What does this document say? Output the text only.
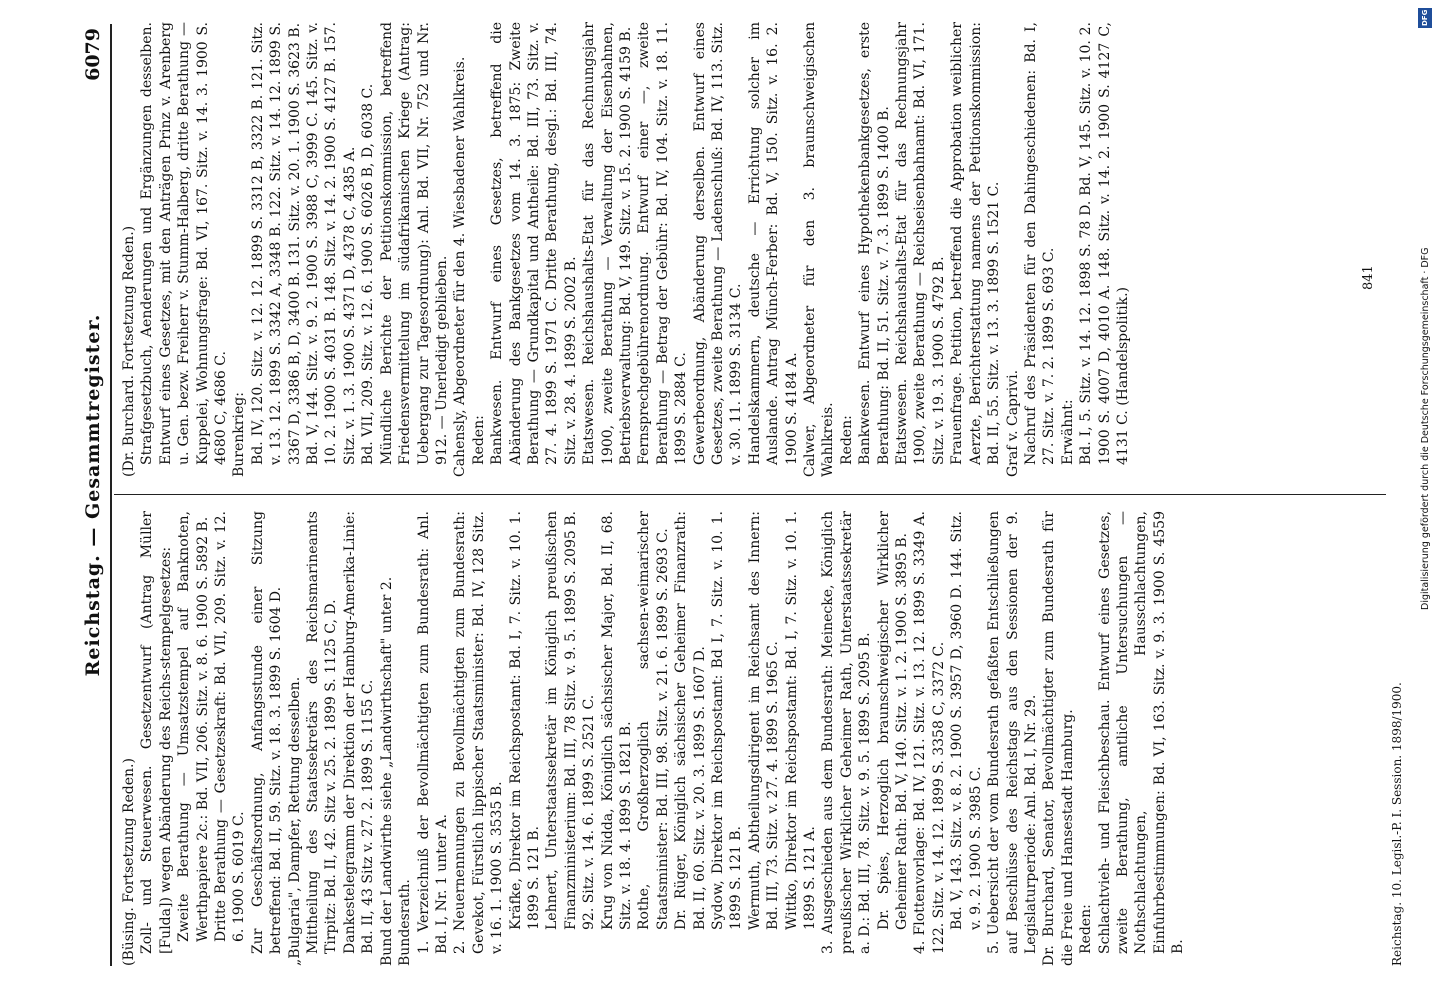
Reichstag. — Gesammtregister.
6079

(Büsing. Fortsetzung Reden.) Zoll- und Steuerwesen. Gesetzentwurf (Antrag Müller [Fulda]) wegen Abänderung des Reichs-stempelgesetzes: Zweite Berathung — Umsatzstempel auf Banknoten, Werthpapiere 2c.: Bd. VII, 206. Sitz. v. 8. 6. 1900 S. 5892 B. Dritte Berathung — Gesetzeskraft: Bd. VII, 209. Sitz. v. 12. 6. 1900 S. 6019 C. Zur Geschäftsordnung, Anfangsstunde einer Sitzung betreffend: Bd. II, 59. Sitz. v. 18. 3. 1899 S. 1604 D. „Bulgaria", Dampfer, Rettung desselben. Mittheilung des Staatssekretärs des Reichsmarineamts Tirpitz: Bd. II, 42. Sitz v. 25. 2. 1899 S. 1125 C, D. Dankestelegramm der Direktion der Hamburg-Amerika-Linie: Bd. II, 43 Sitz v. 27. 2. 1899 S. 1155 C. Bund der Landwirthe siehe „Landwirthschaft" unter 2. Bundesrath. 1. Verzeichniß der Bevollmächtigten zum Bundesrath: Anl. Bd. I, Nr. 1 unter A. 2. Neuernennungen zu Bevollmächtigten zum Bundesrath: Gevekot, Fürstlich lippischer Staatsminister: Bd. IV, 128 Sitz. v. 16. 1. 1900 S. 3535 B. Kräfke, Direktor im Reichspostamt: Bd. I, 7. Sitz. v. 10. 1. 1899 S. 121 B. Lehnert, Unterstaatssekretär im Königlich preußischen Finanzministerium: Bd. III, 78 Sitz. v. 9. 5. 1899 S. 2095 B. 92. Sitz. v. 14. 6. 1899 S. 2521 C. Krug von Nidda, Königlich sächsischer Major, Bd. II, 68. Sitz. v. 18. 4. 1899 S. 1821 B. Rothe, Großherzoglich sachsen-weimarischer Staatsminister: Bd. III, 98. Sitz. v. 21. 6. 1899 S. 2693 C. Dr. Rüger, Königlich sächsischer Geheimer Finanzrath: Bd. II, 60. Sitz. v. 20. 3. 1899 S. 1607 D. Sydow, Direktor im Reichspostamt: Bd I, 7. Sitz. v. 10. 1. 1899 S. 121 B. Wermuth, Abtheilungsdirigent im Reichsamt des Innern: Bd. III, 73. Sitz. v. 27. 4. 1899 S. 1965 C. Wittko, Direktor im Reichspostamt: Bd. I, 7. Sitz. v. 10. 1. 1899 S. 121 A. 3. Ausgeschieden aus dem Bundesrath: Meinecke, Königlich preußischer Wirklicher Geheimer Rath, Unterstaatssekretär a. D.: Bd. III, 78. Sitz. v. 9. 5. 1899 S. 2095 B. Dr. Spies, Herzoglich braunschweigischer Wirklicher Geheimer Rath: Bd. V, 140. Sitz. v. 1. 2. 1900 S. 3895 B. 4. Flottenvorlage: Bd. IV, 121. Sitz. v. 13. 12. 1899 S. 3349 A. 122. Sitz. v. 14. 12. 1899 S. 3358 C, 3372 C. Bd. V, 143. Sitz. v. 8. 2. 1900 S. 3957 D, 3960 D. 144. Sitz. v. 9. 2. 1900 S. 3985 C. 5. Uebersicht der vom Bundesrath gefaßten Entschließungen auf Beschlüsse des Reichstags aus den Sessionen der 9. Legislaturperiode: Anl. Bd. I, Nr. 29. Dr. Burchard, Senator, Bevollmächtigter zum Bundesrath für die Freie und Hansestadt Hamburg. Reden: Schlachtvieh- und Fleischbeschau. Entwurf eines Gesetzes, zweite Berathung, amtliche Untersuchungen — Nothschlachtungen, Hausschlachtungen, Einfuhrbestimmungen: Bd. VI, 163. Sitz. v. 9. 3. 1900 S. 4559 B.

(Dr. Burchard. Fortsetzung Reden.) Strafgesetzbuch, Aenderungen und Ergänzungen desselben. Entwurf eines Gesetzes, mit den Anträgen Prinz v. Arenberg u. Gen. bezw. Freiherr v. Stumm-Halberg, dritte Berathung — Kuppelei, Wohnungsfrage: Bd. VI, 167. Sitz. v. 14. 3. 1900 S. 4680 C, 4686 C. Burenkrieg: Bd. IV, 120. Sitz. v. 12. 12. 1899 S. 3312 B, 3322 B. 121. Sitz. v. 13. 12. 1899 S. 3342 A, 3348 B. 122. Sitz. v. 14. 12. 1899 S. 3367 D, 3386 B, D, 3400 B. 131. Sitz. v. 20. 1. 1900 S. 3623 B. Bd. V, 144. Sitz. v. 9. 2. 1900 S. 3988 C, 3999 C. 145. Sitz. v. 10. 2. 1900 S. 4031 B. 148. Sitz. v. 14. 2. 1900 S. 4127 B. 157. Sitz. v. 1. 3. 1900 S. 4371 D, 4378 C, 4385 A. Bd. VII, 209. Sitz. v. 12. 6. 1900 S. 6026 B, D, 6038 C. Mündliche Berichte der Petitionskommission, betreffend Friedensvermittelung im südafrikanischen Kriege (Antrag: Uebergang zur Tagesordnung): Anl. Bd. VII, Nr. 752 und Nr. 912. — Unerledigt geblieben. Cahensly, Abgeordneter für den 4. Wiesbadener Wahlkreis. Reden: Bankwesen. Entwurf eines Gesetzes, betreffend die Abänderung des Bankgesetzes vom 14. 3. 1875: Zweite Berathung — Grundkapital und Antheile: Bd. III, 73. Sitz. v. 27. 4. 1899 S. 1971 C. Dritte Berathung, desgl.: Bd. III, 74. Sitz. v. 28. 4. 1899 S. 2002 B. Etatswesen. Reichshaushalts-Etat für das Rechnungsjahr 1900, zweite Berathung — Verwaltung der Eisenbahnen, Betriebsverwaltung: Bd. V, 149. Sitz. v. 15. 2. 1900 S. 4159 B. Fernsprechgebührenordnung. Entwurf einer —, zweite Berathung — Betrag der Gebühr: Bd. IV, 104. Sitz. v. 18. 11. 1899 S. 2884 C. Gewerbeordnung, Abänderung derselben. Entwurf eines Gesetzes, zweite Berathung — Ladenschluß: Bd. IV, 113. Sitz. v. 30. 11. 1899 S. 3134 C. Handelskammern, deutsche — Errichtung solcher im Auslande. Antrag Münch-Ferber: Bd. V, 150. Sitz. v. 16. 2. 1900 S. 4184 A. Calwer, Abgeordneter für den 3. braunschweigischen Wahlkreis. Reden: Bankwesen. Entwurf eines Hypothekenbankgesetzes, erste Berathung: Bd. II, 51. Sitz. v. 7. 3. 1899 S. 1400 B. Etatswesen. Reichshaushalts-Etat für das Rechnungsjahr 1900, zweite Berathung — Reichseisenbahnamt: Bd. VI, 171. Sitz. v. 19. 3. 1900 S. 4792 B. Frauenfrage. Petition, betreffend die Approbation weiblicher Aerzte, Berichterstattung namens der Petitionskommission: Bd. II, 55. Sitz. v. 13. 3. 1899 S. 1521 C. Graf v. Caprivi. Nachruf des Präsidenten für den Dahingeschiedenen: Bd. I, 27. Sitz. v. 7. 2. 1899 S. 693 C. Erwähnt: Bd. I, 5. Sitz. v. 14. 12. 1898 S. 78 D. Bd. V, 145. Sitz. v. 10. 2. 1900 S. 4007 D, 4010 A. 148. Sitz. v. 14. 2. 1900 S. 4127 C, 4131 C. (Handelspolitik.)

Reichstag. 10. Legisl.-P. I. Session. 1898/1900.
841	Digitalisierung gefördert durch die Deutsche Forschungsgemeinschaft · DFG
DFG
